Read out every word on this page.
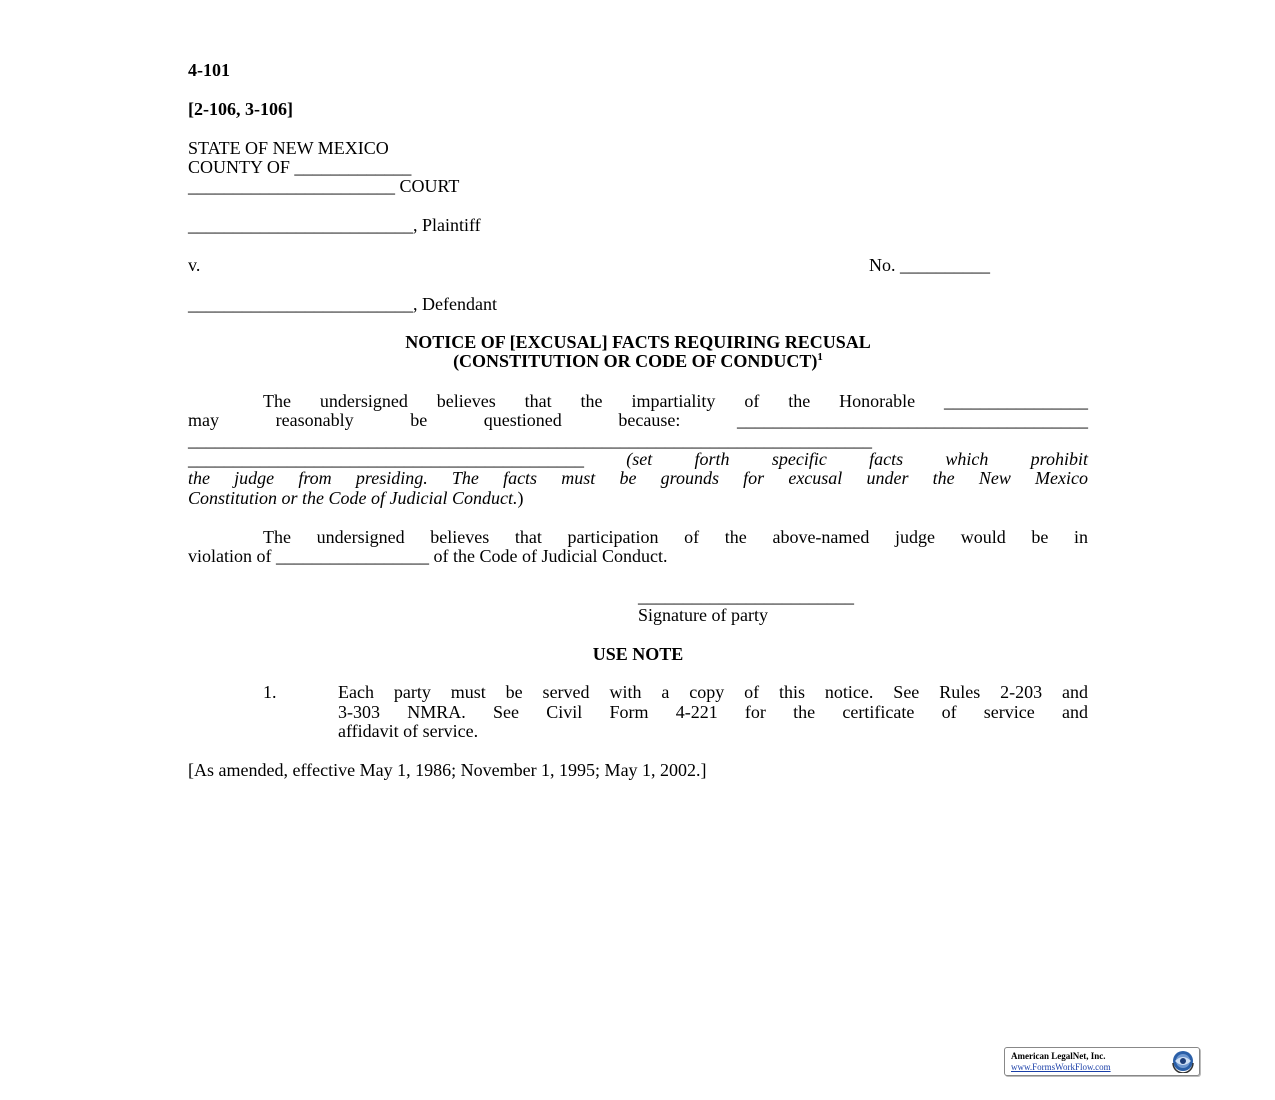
4-101
[2-106, 3-106]
STATE OF NEW MEXICO
COUNTY OF _____________
_______________________ COURT
_________________________, Plaintiff
v.	No. __________
_________________________, Defendant
NOTICE OF [EXCUSAL] FACTS REQUIRING RECUSAL
(CONSTITUTION OR CODE OF CONDUCT)$^1$
The undersigned believes that the impartiality of the Honorable ________________
may reasonably be questioned because: _______________________________________
____________________________________________________________________________
____________________________________________ (set forth specific facts which prohibit
the judge from presiding. The facts must be grounds for excusal under the New Mexico
Constitution or the Code of Judicial Conduct.)
The undersigned believes that participation of the above-named judge would be in
violation of _________________ of the Code of Judicial Conduct.
________________________
Signature of party
USE NOTE
1.	Each party must be served with a copy of this notice. See Rules 2-203 and
3-303 NMRA. See Civil Form 4-221 for the certificate of service and
affidavit of service.
[As amended, effective May 1, 1986; November 1, 1995; May 1, 2002.]
American LegalNet, Inc.
www.FormsWorkFlow.com
